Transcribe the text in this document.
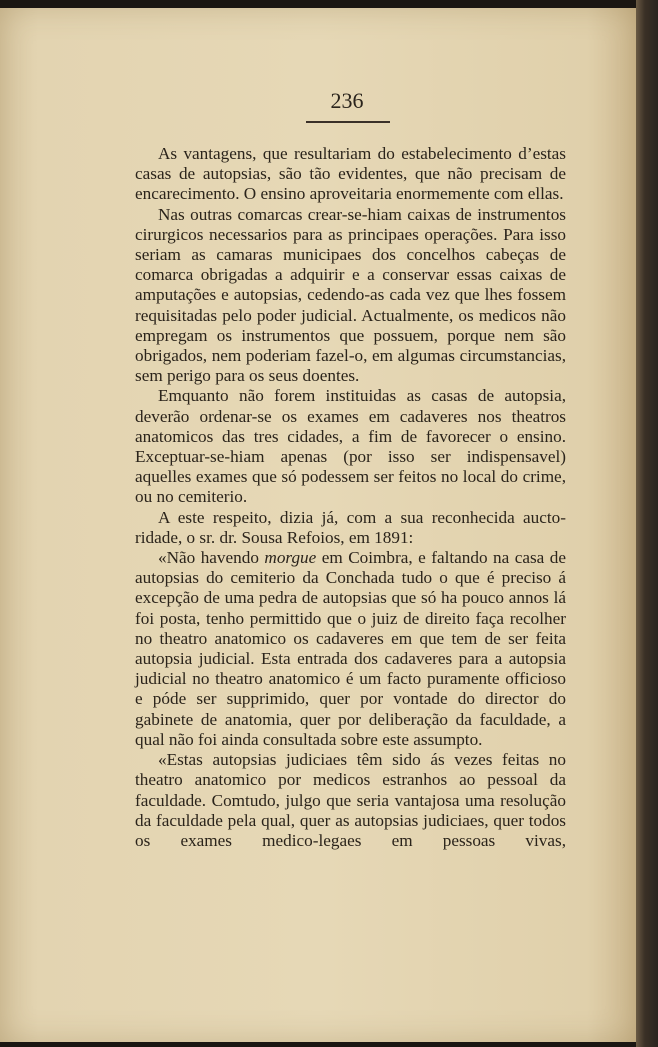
236

As vantagens, que resultariam do estabelecimento d’estas casas de autopsias, são tão evidentes, que não precisam de encarecimento. O ensino aproveitaria enormemente com ellas.

Nas outras comarcas crear-se-hiam caixas de instrumentos cirurgicos necessarios para as principaes operações. Para isso seriam as camaras municipaes dos concelhos cabeças de comarca obrigadas a adquirir e a conservar essas caixas de amputações e autopsias, cedendo-as cada vez que lhes fossem requisitadas pelo poder judicial. Actualmente, os medicos não empregam os instrumentos que possuem, porque nem são obrigados, nem poderiam fazel-o, em algumas circumstancias, sem perigo para os seus doentes.

Emquanto não forem instituidas as casas de autopsia, deverão ordenar-se os exames em cadaveres nos theatros anatomicos das tres cidades, a fim de favorecer o ensino. Exceptuar-se-hiam apenas (por isso ser indispensavel) aquelles exames que só podessem ser feitos no local do crime, ou no cemiterio.

A este respeito, dizia já, com a sua reconhecida auctoridade, o sr. dr. Sousa Refoios, em 1891:

«Não havendo morgue em Coimbra, e faltando na casa de autopsias do cemiterio da Conchada tudo o que é preciso á excepção de uma pedra de autopsias que só ha pouco annos lá foi posta, tenho permittido que o juiz de direito faça recolher no theatro anatomico os cadaveres em que tem de ser feita autopsia judicial. Esta entrada dos cadaveres para a autopsia judicial no theatro anatomico é um facto puramente officioso e póde ser supprimido, quer por vontade do director do gabinete de anatomia, quer por deliberação da faculdade, a qual não foi ainda consultada sobre este assumpto.

«Estas autopsias judiciaes têm sido ás vezes feitas no theatro anatomico por medicos estranhos ao pessoal da faculdade. Comtudo, julgo que seria vantajosa uma resolução da faculdade pela qual, quer as autopsias judiciaes, quer todos os exames medico-legaes em pessoas vivas,
